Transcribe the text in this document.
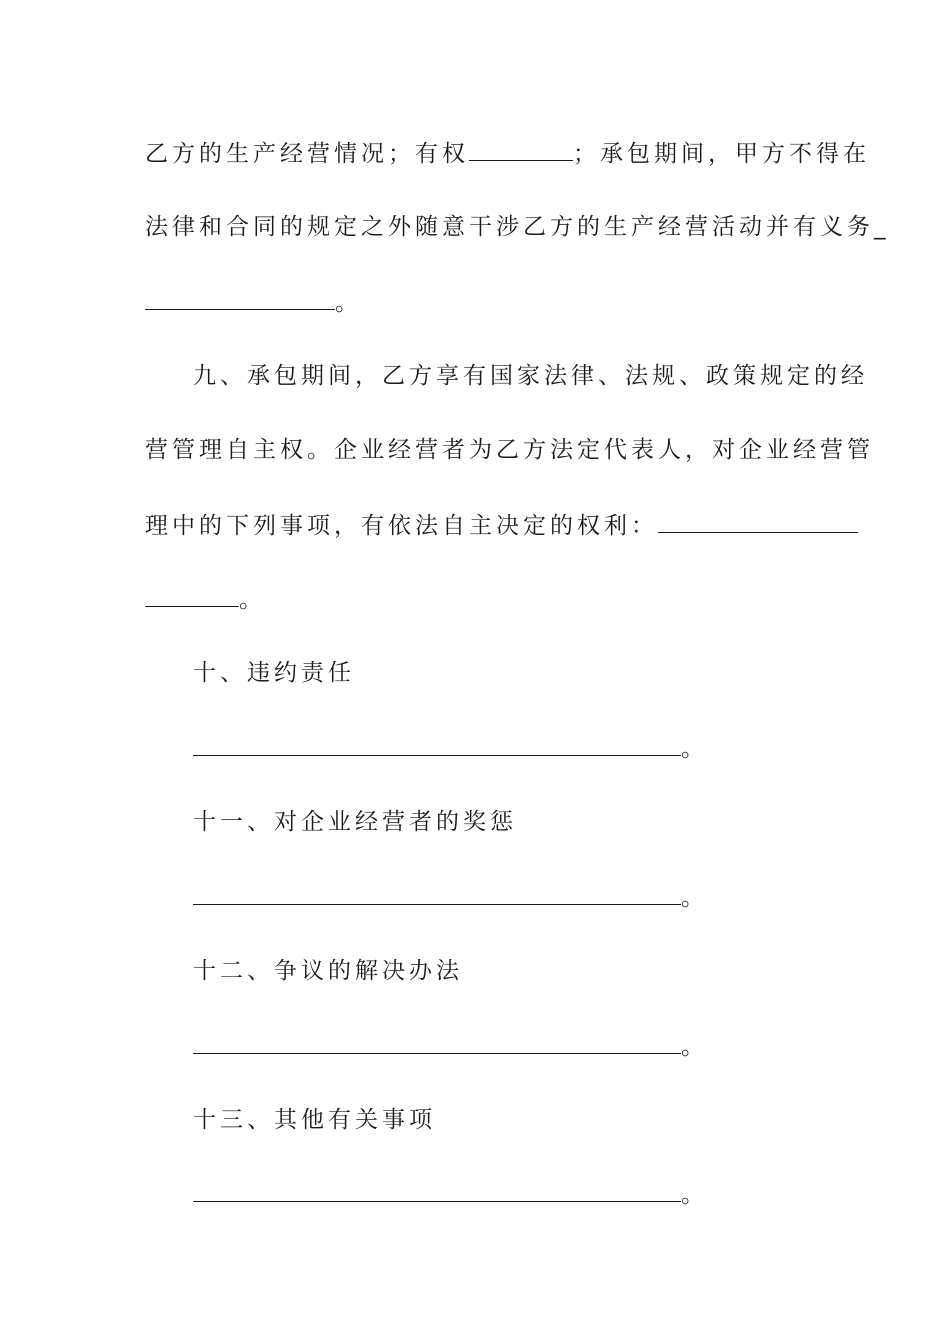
乙方的生产经营情况；有权	；承包期间，甲方不得在
法律和合同的规定之外随意干涉乙方的生产经营活动并有义务_
。
九、承包期间，乙方享有国家法律、法规、政策规定的经
营管理自主权。企业经营者为乙方法定代表人，对企业经营管
理中的下列事项，有依法自主决定的权利：
。
十、违约责任
。
十一、对企业经营者的奖惩
。
十二、争议的解决办法
。
十三、其他有关事项
。
